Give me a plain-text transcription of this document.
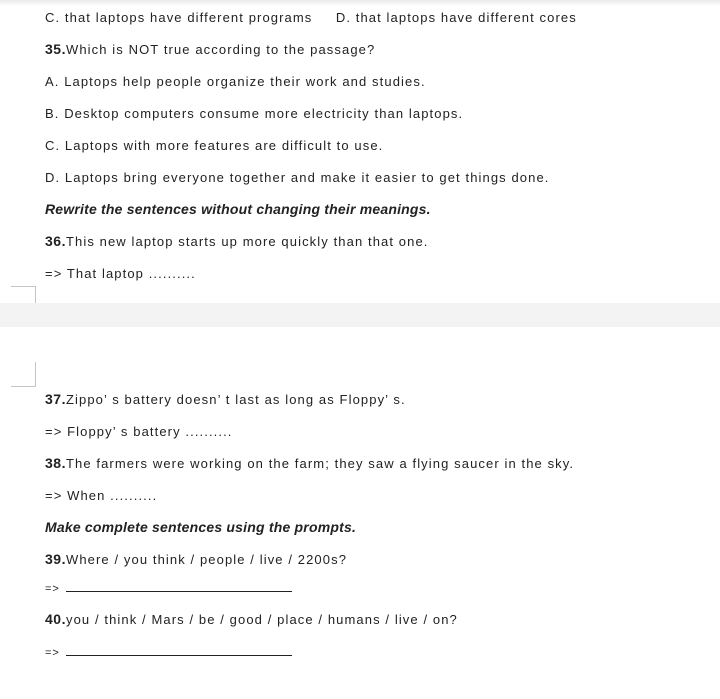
C. that laptops have different programs D. that laptops have different cores
35.Which is NOT true according to the passage?
A. Laptops help people organize their work and studies.
B. Desktop computers consume more electricity than laptops.
C. Laptops with more features are difficult to use.
D. Laptops bring everyone together and make it easier to get things done.
Rewrite the sentences without changing their meanings.
36.This new laptop starts up more quickly than that one.
=> That laptop ..........
37.Zippo’ s battery doesn’ t last as long as Floppy’ s.
=> Floppy’ s battery ..........
38.The farmers were working on the farm; they saw a flying saucer in the sky.
=> When ..........
Make complete sentences using the prompts.
39.Where / you think / people / live / 2200s?
=>
40.you / think / Mars / be / good / place / humans / live / on?
=>
